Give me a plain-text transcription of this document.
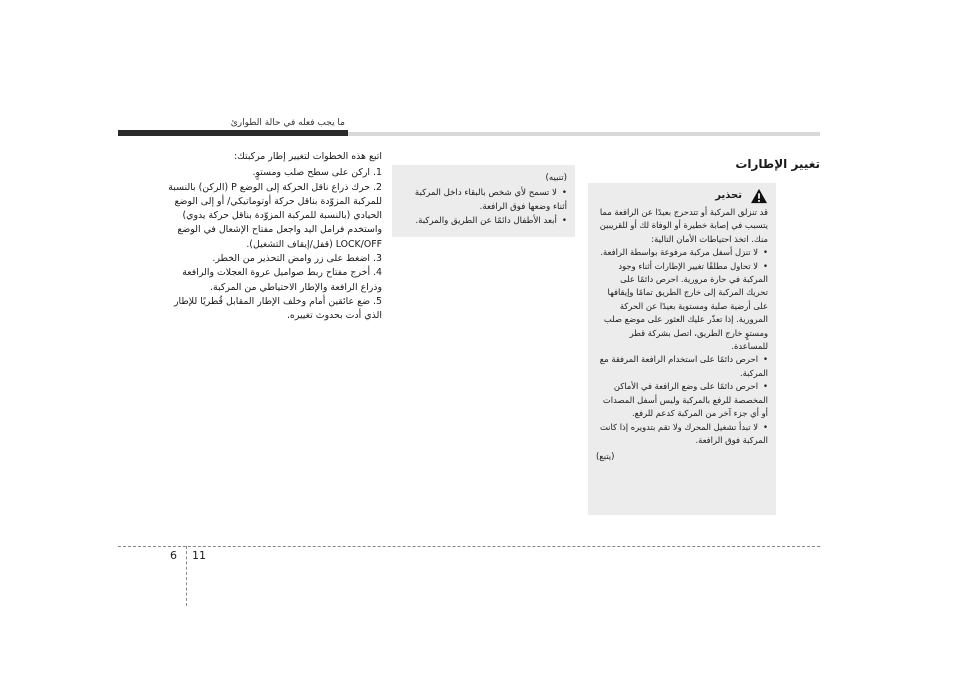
ما يجب فعله في حالة الطوارئ

اتبع هذه الخطوات لتغيير إطار مركبتك:

1.اركن على سطح صلب ومستوٍ.
2.حرك ذراع ناقل الحركة إلى الوضع P (الركن) بالنسبة للمركبة المزوّدة بناقل حركة أوتوماتيكي/ أو إلى الوضع الحيادي (بالنسبة للمركبة المزوّدة بناقل حركة يدوي) واستخدم فرامل اليد واجعل مفتاح الإشعال في الوضع LOCK/OFF (قفل/إيقاف التشغيل).
3.اضغط على زر وامض التحذير من الخطر.
4.أخرج مفتاح ربط صواميل عروة العجلات والرافعة وذراع الرافعة والإطار الاحتياطي من المركبة.
5.ضع عائقين أمام وخلف الإطار المقابل قُطريًا للإطار الذي أدت بحدوث تغييره.
(تنبيه)
• لا تسمح لأي شخص بالبقاء داخل المركبة أثناء وضعها فوق الرافعة.
• أبعد الأطفال دائمًا عن الطريق والمركبة.
تغيير الإطارات
تحذير

قد تنزلق المركبة أو تتدحرج بعيدًا عن الرافعة مما يتسبب في إصابة خطيرة أو الوفاة لك أو للقريبين منك. اتخذ احتياطات الأمان التالية:

• لا تنزل أسفل مركبة مرفوعة بواسطة الرافعة.
• لا تحاول مطلقًا تغيير الإطارات أثناء وجود المركبة في حارة مرورية. احرص دائمًا على تحريك المركبة إلى خارج الطريق تمامًا وإيقافها على أرضية صلبة ومستوية بعيدًا عن الحركة المرورية. إذا تعذّر عليك العثور على موضع صلب ومستوٍ خارج الطريق، اتصل بشركة قطر للمساعدة.
• احرص دائمًا على استخدام الرافعة المرفقة مع المركبة.
• احرص دائمًا على وضع الرافعة في الأماكن المخصصة للرفع بالمركبة وليس أسفل المصدات أو أي جزء آخر من المركبة كدعم للرفع.
• لا تبدأ تشغيل المحرك ولا تقم بتدويره إذا كانت المركبة فوق الرافعة.
(يتبع)
6 11
